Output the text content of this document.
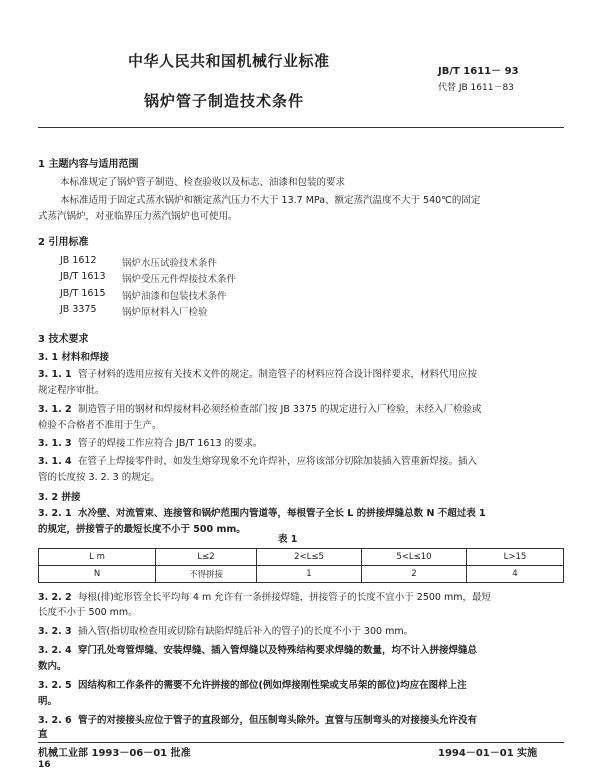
中华人民共和国机械行业标准
JB/T 1611－ 93
代替 JB 1611－83
锅炉管子制造技术条件
1 主题内容与适用范围
本标准规定了锅炉管子制造、检查验收以及标志、油漆和包装的要求
本标准适用于固定式蒸水锅炉和额定蒸汽压力不大于 13.7 MPa、额定蒸汽温度不大于 540℃的固定
式蒸汽锅炉，对亚临界压力蒸汽锅炉也可使用。
2 引用标准
JB 1612	锅炉水压试验技术条件
JB/T 1613 锅炉受压元件焊接技术条件
JB/T 1615 锅炉油漆和包装技术条件
JB 3375	锅炉原材料入厂检验
3 技术要求
3. 1 材料和焊接
3. 1. 1 管子材料的选用应按有关技术文件的规定。制造管子的材料应符合设计图样要求，材料代用应按
规定程序审批。
3. 1. 2 制造管子用的钢材和焊接材料必须经检查部门按 JB 3375 的规定进行入厂检验，未经入厂检验或
检验不合格者不准用于生产。
3. 1. 3 管子的焊接工作应符合 JB/T 1613 的要求。
3. 1. 4 在管子上焊接零件时，如发生熔穿现象不允许焊补，应将该部分切除加装插入管重新焊接。插入
管的长度按 3. 2. 3 的规定。
3. 2 拼接
3. 2. 1 水冷壁、对流管束、连接管和锅炉范围内管道等，每根管子全长 L 的拼接焊缝总数 N 不超过表 1
的规定，拼接管子的最短长度不小于 500 mm。
表 1
L m	L≤2	2<L≤5	5<L≤10	L>15
N	不得拼接	1	2	4
3. 2. 2 每根(排)蛇形管全长平均每 4 m 允许有一条拼接焊缝，拼接管子的长度不宜小于 2500 mm，最短
长度不小于 500 mm。
3. 2. 3 插入管(指切取检查用或切除有缺陷焊缝后补入的管子)的长度不小于 300 mm。
3. 2. 4 穿门孔处弯管焊缝、安装焊缝、插入管焊缝以及特殊结构要求焊缝的数量，均不计入拼接焊缝总
数内。
3. 2. 5 因结构和工作条件的需要不允许拼接的部位(例如焊接刚性梁或支吊架的部位)均应在图样上注
明。
3. 2. 6 管子的对接接头应位于管子的直段部分，但压制弯头除外。直管与压制弯头的对接接头允许没有
直
机械工业部 1993－06－01 批准	1994－01－01 实施
16
